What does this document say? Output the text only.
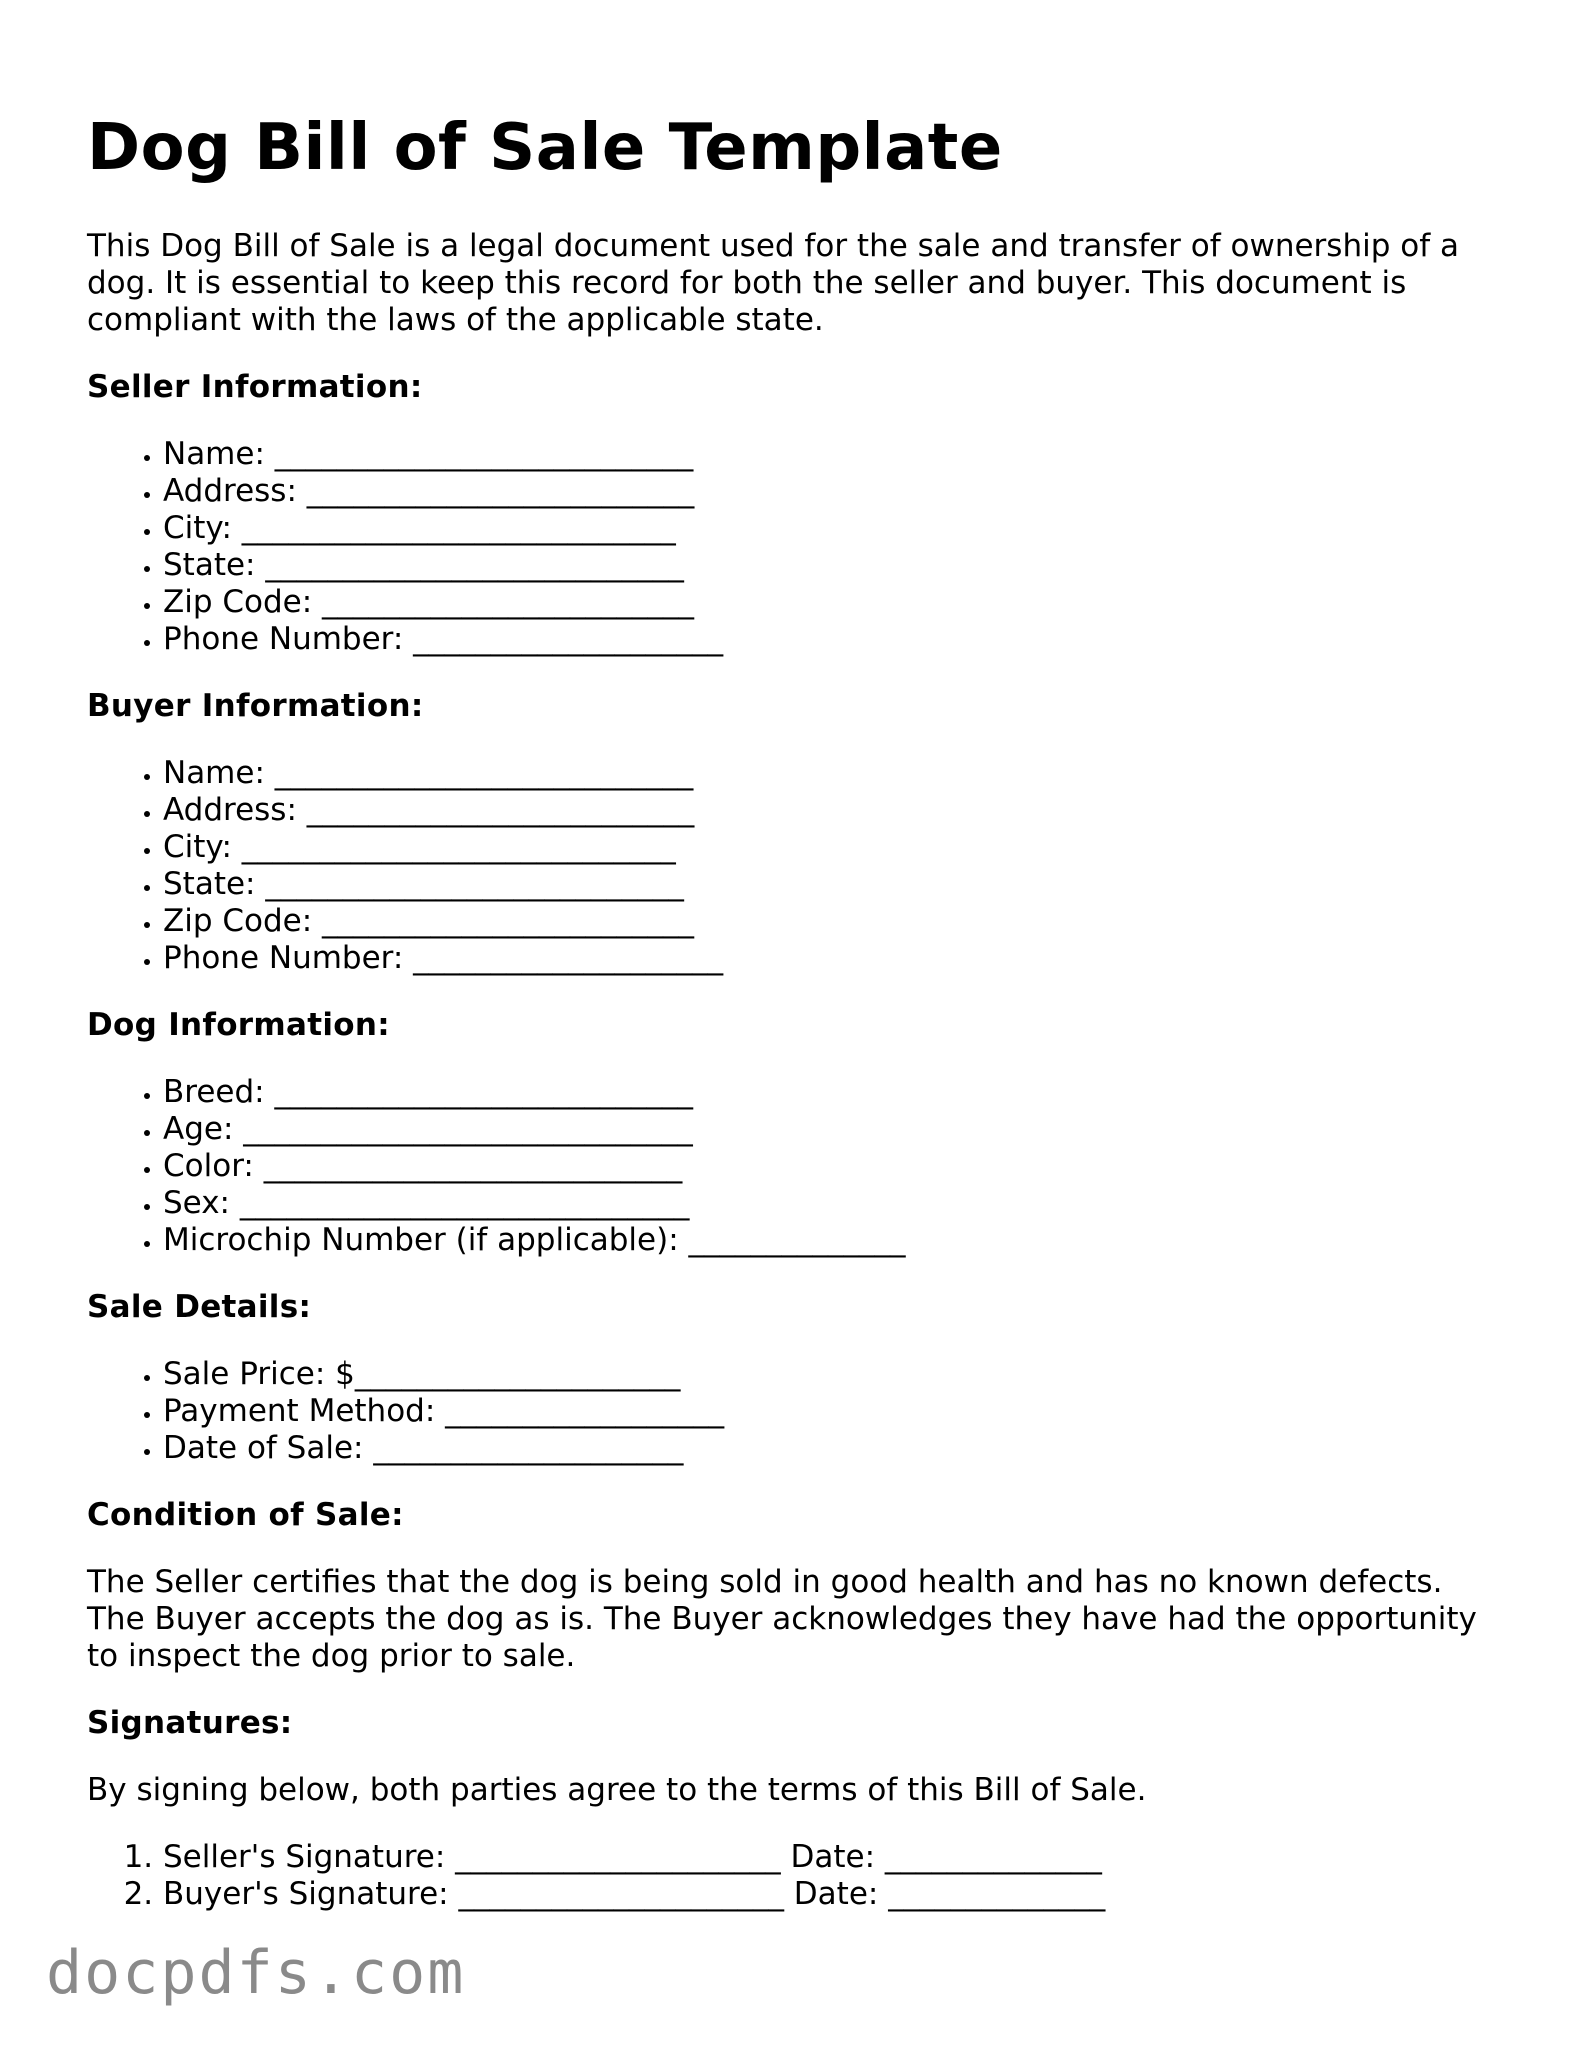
Dog Bill of Sale Template

This Dog Bill of Sale is a legal document used for the sale and transfer of ownership of a dog. It is essential to keep this record for both the seller and buyer. This document is compliant with the laws of the applicable state.

Seller Information:
• Name: ___________________________
• Address: _________________________
• City: ____________________________
• State: ___________________________
• Zip Code: ________________________
• Phone Number: ____________________
Buyer Information:
• Name: ___________________________
• Address: _________________________
• City: ____________________________
• State: ___________________________
• Zip Code: ________________________
• Phone Number: ____________________
Dog Information:
• Breed: ___________________________
• Age: _____________________________
• Color: ___________________________
• Sex: _____________________________
• Microchip Number (if applicable): ______________
Sale Details:
• Sale Price: $_____________________
• Payment Method: __________________
• Date of Sale: ____________________
Condition of Sale:

The Seller certifies that the dog is being sold in good health and has no known defects. The Buyer accepts the dog as is. The Buyer acknowledges they have had the opportunity to inspect the dog prior to sale.

Signatures:

By signing below, both parties agree to the terms of this Bill of Sale.

1. Seller's Signature: _____________________ Date: ______________
2. Buyer's Signature: _____________________ Date: ______________
docpdfs.com
